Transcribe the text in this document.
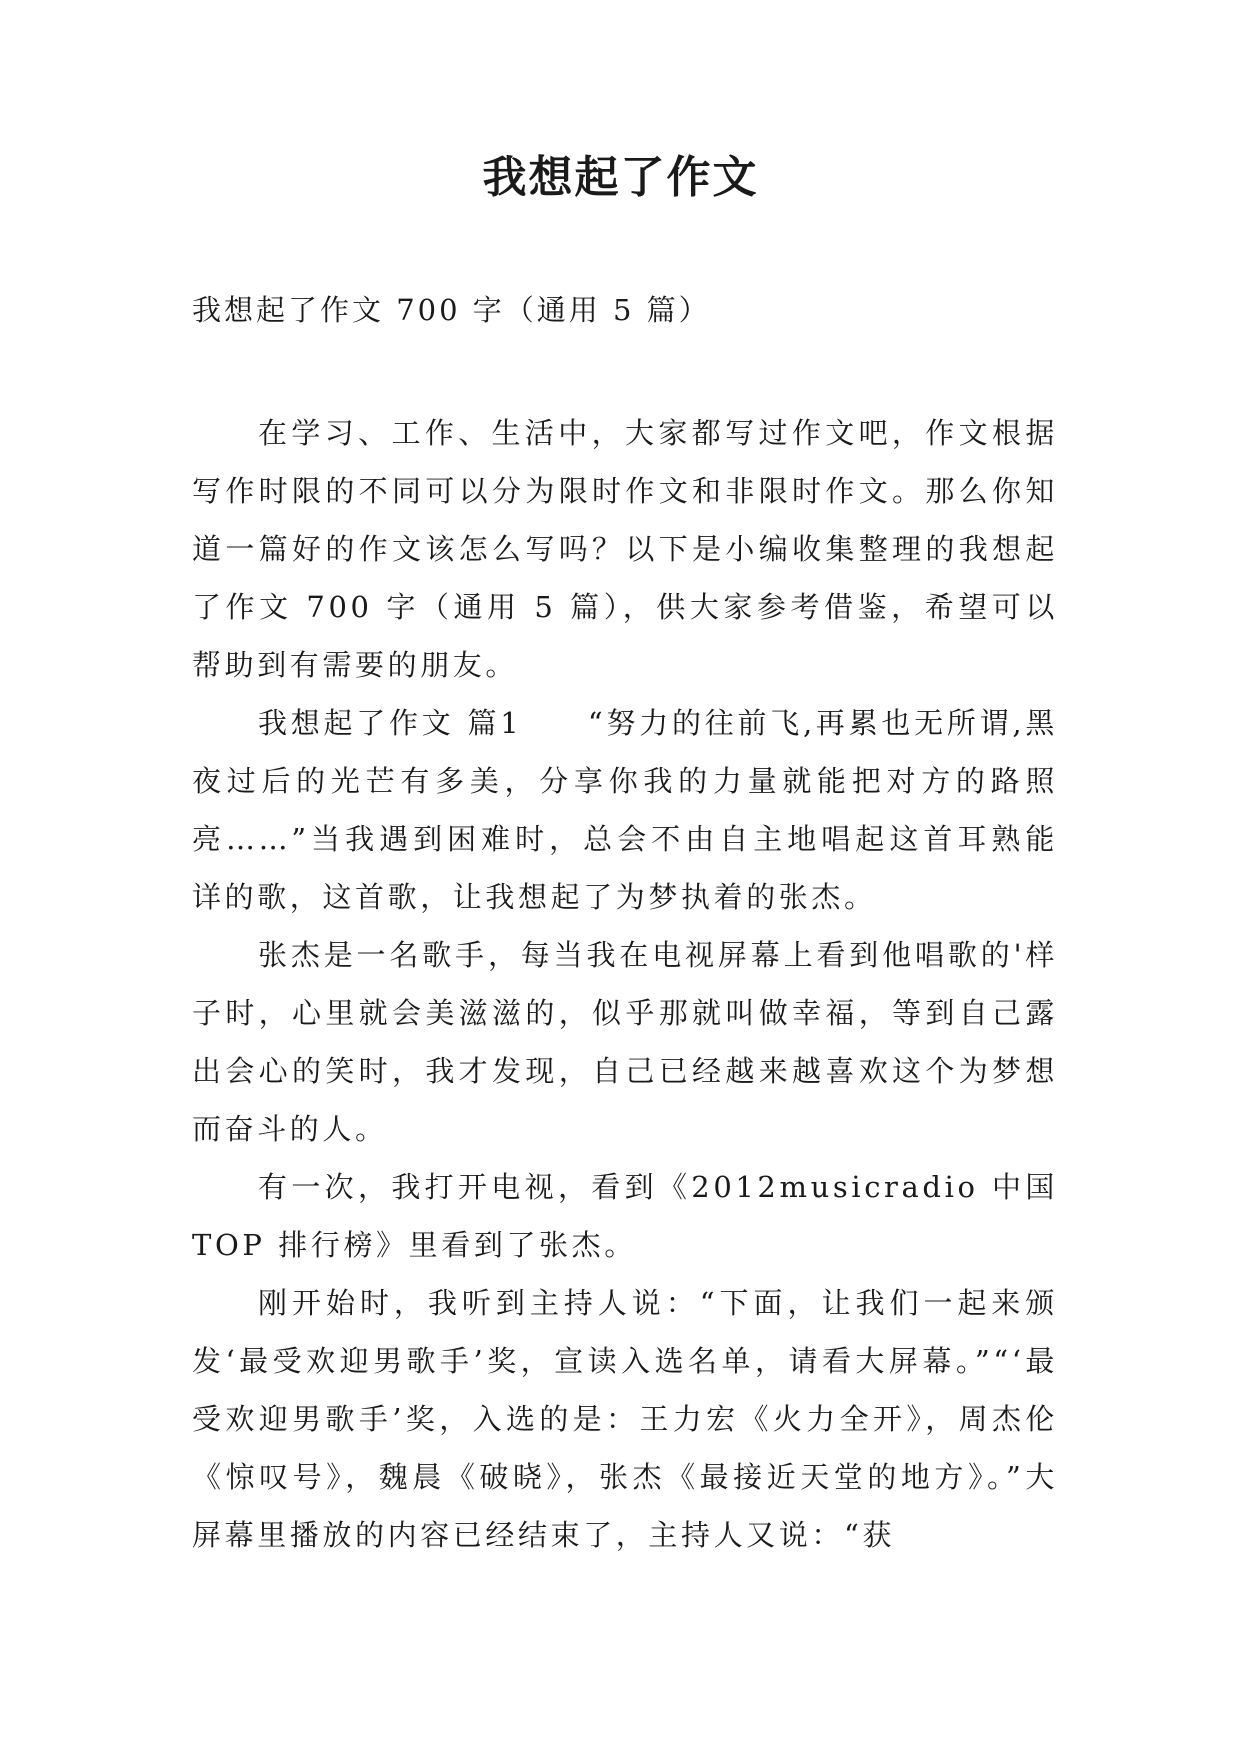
我想起了作文

我想起了作文 700 字（通用 5 篇）

在学习、工作、生活中，大家都写过作文吧，作文根据写作时限的不同可以分为限时作文和非限时作文。那么你知道一篇好的作文该怎么写吗？以下是小编收集整理的我想起了作文 700 字（通用 5 篇），供大家参考借鉴，希望可以帮助到有需要的朋友。

我想起了作文 篇1　　“努力的往前飞,再累也无所谓,黑夜过后的光芒有多美，分享你我的力量就能把对方的路照亮……”当我遇到困难时，总会不由自主地唱起这首耳熟能详的歌，这首歌，让我想起了为梦执着的张杰。

张杰是一名歌手，每当我在电视屏幕上看到他唱歌的'样子时，心里就会美滋滋的，似乎那就叫做幸福，等到自己露出会心的笑时，我才发现，自己已经越来越喜欢这个为梦想而奋斗的人。

有一次，我打开电视，看到《2012musicradio 中国 TOP 排行榜》里看到了张杰。

刚开始时，我听到主持人说：“下面，让我们一起来颁发‘最受欢迎男歌手’奖，宣读入选名单，请看大屏幕。”“‘最受欢迎男歌手’奖，入选的是：王力宏《火力全开》，周杰伦《惊叹号》，魏晨《破晓》，张杰《最接近天堂的地方》。”大屏幕里播放的内容已经结束了，主持人又说：“获
